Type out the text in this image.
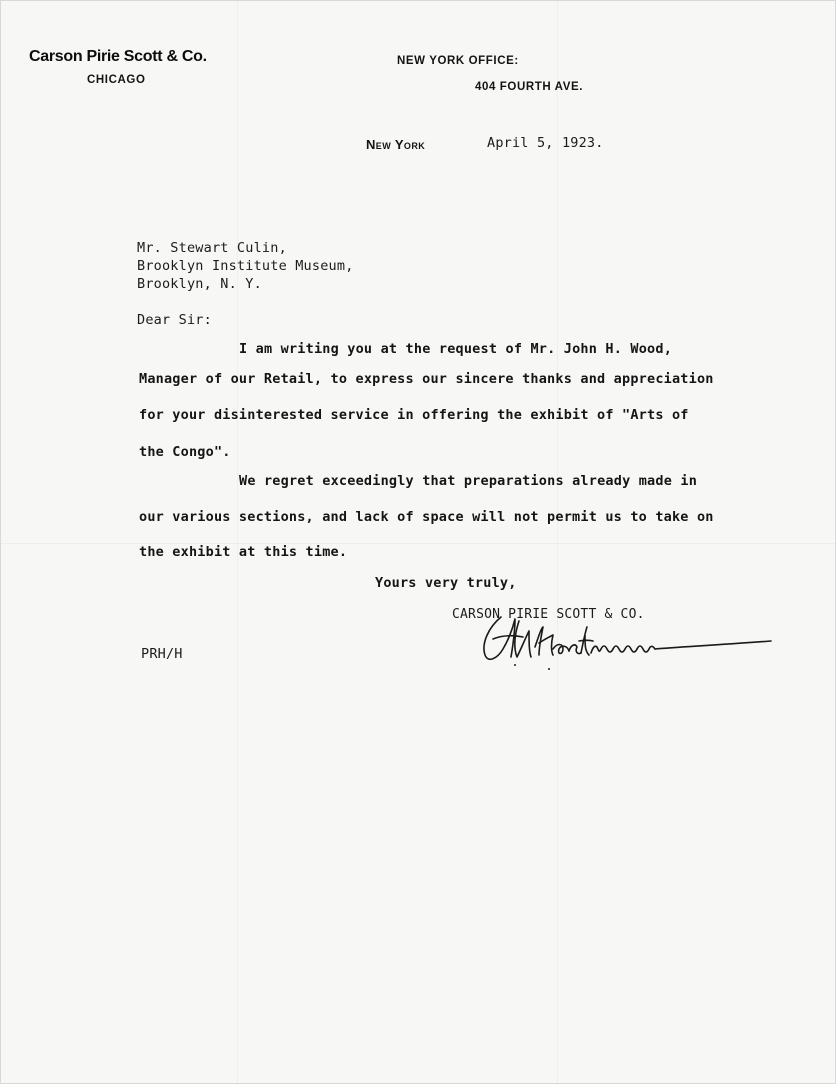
Carson Pirie Scott & Co.
CHICAGO
NEW YORK OFFICE:
404 FOURTH AVE.
New York	April 5, 1923.
Mr. Stewart Culin,
Brooklyn Institute Museum,
Brooklyn, N. Y.
Dear Sir:
I am writing you at the request of Mr. John H. Wood,
Manager of our Retail, to express our sincere thanks and appreciation
for your disinterested service in offering the exhibit of "Arts of
the Congo".
We regret exceedingly that preparations already made in
our various sections, and lack of space will not permit us to take on
the exhibit at this time.
Yours very truly,
CARSON PIRIE SCOTT & CO.
PRH/H
